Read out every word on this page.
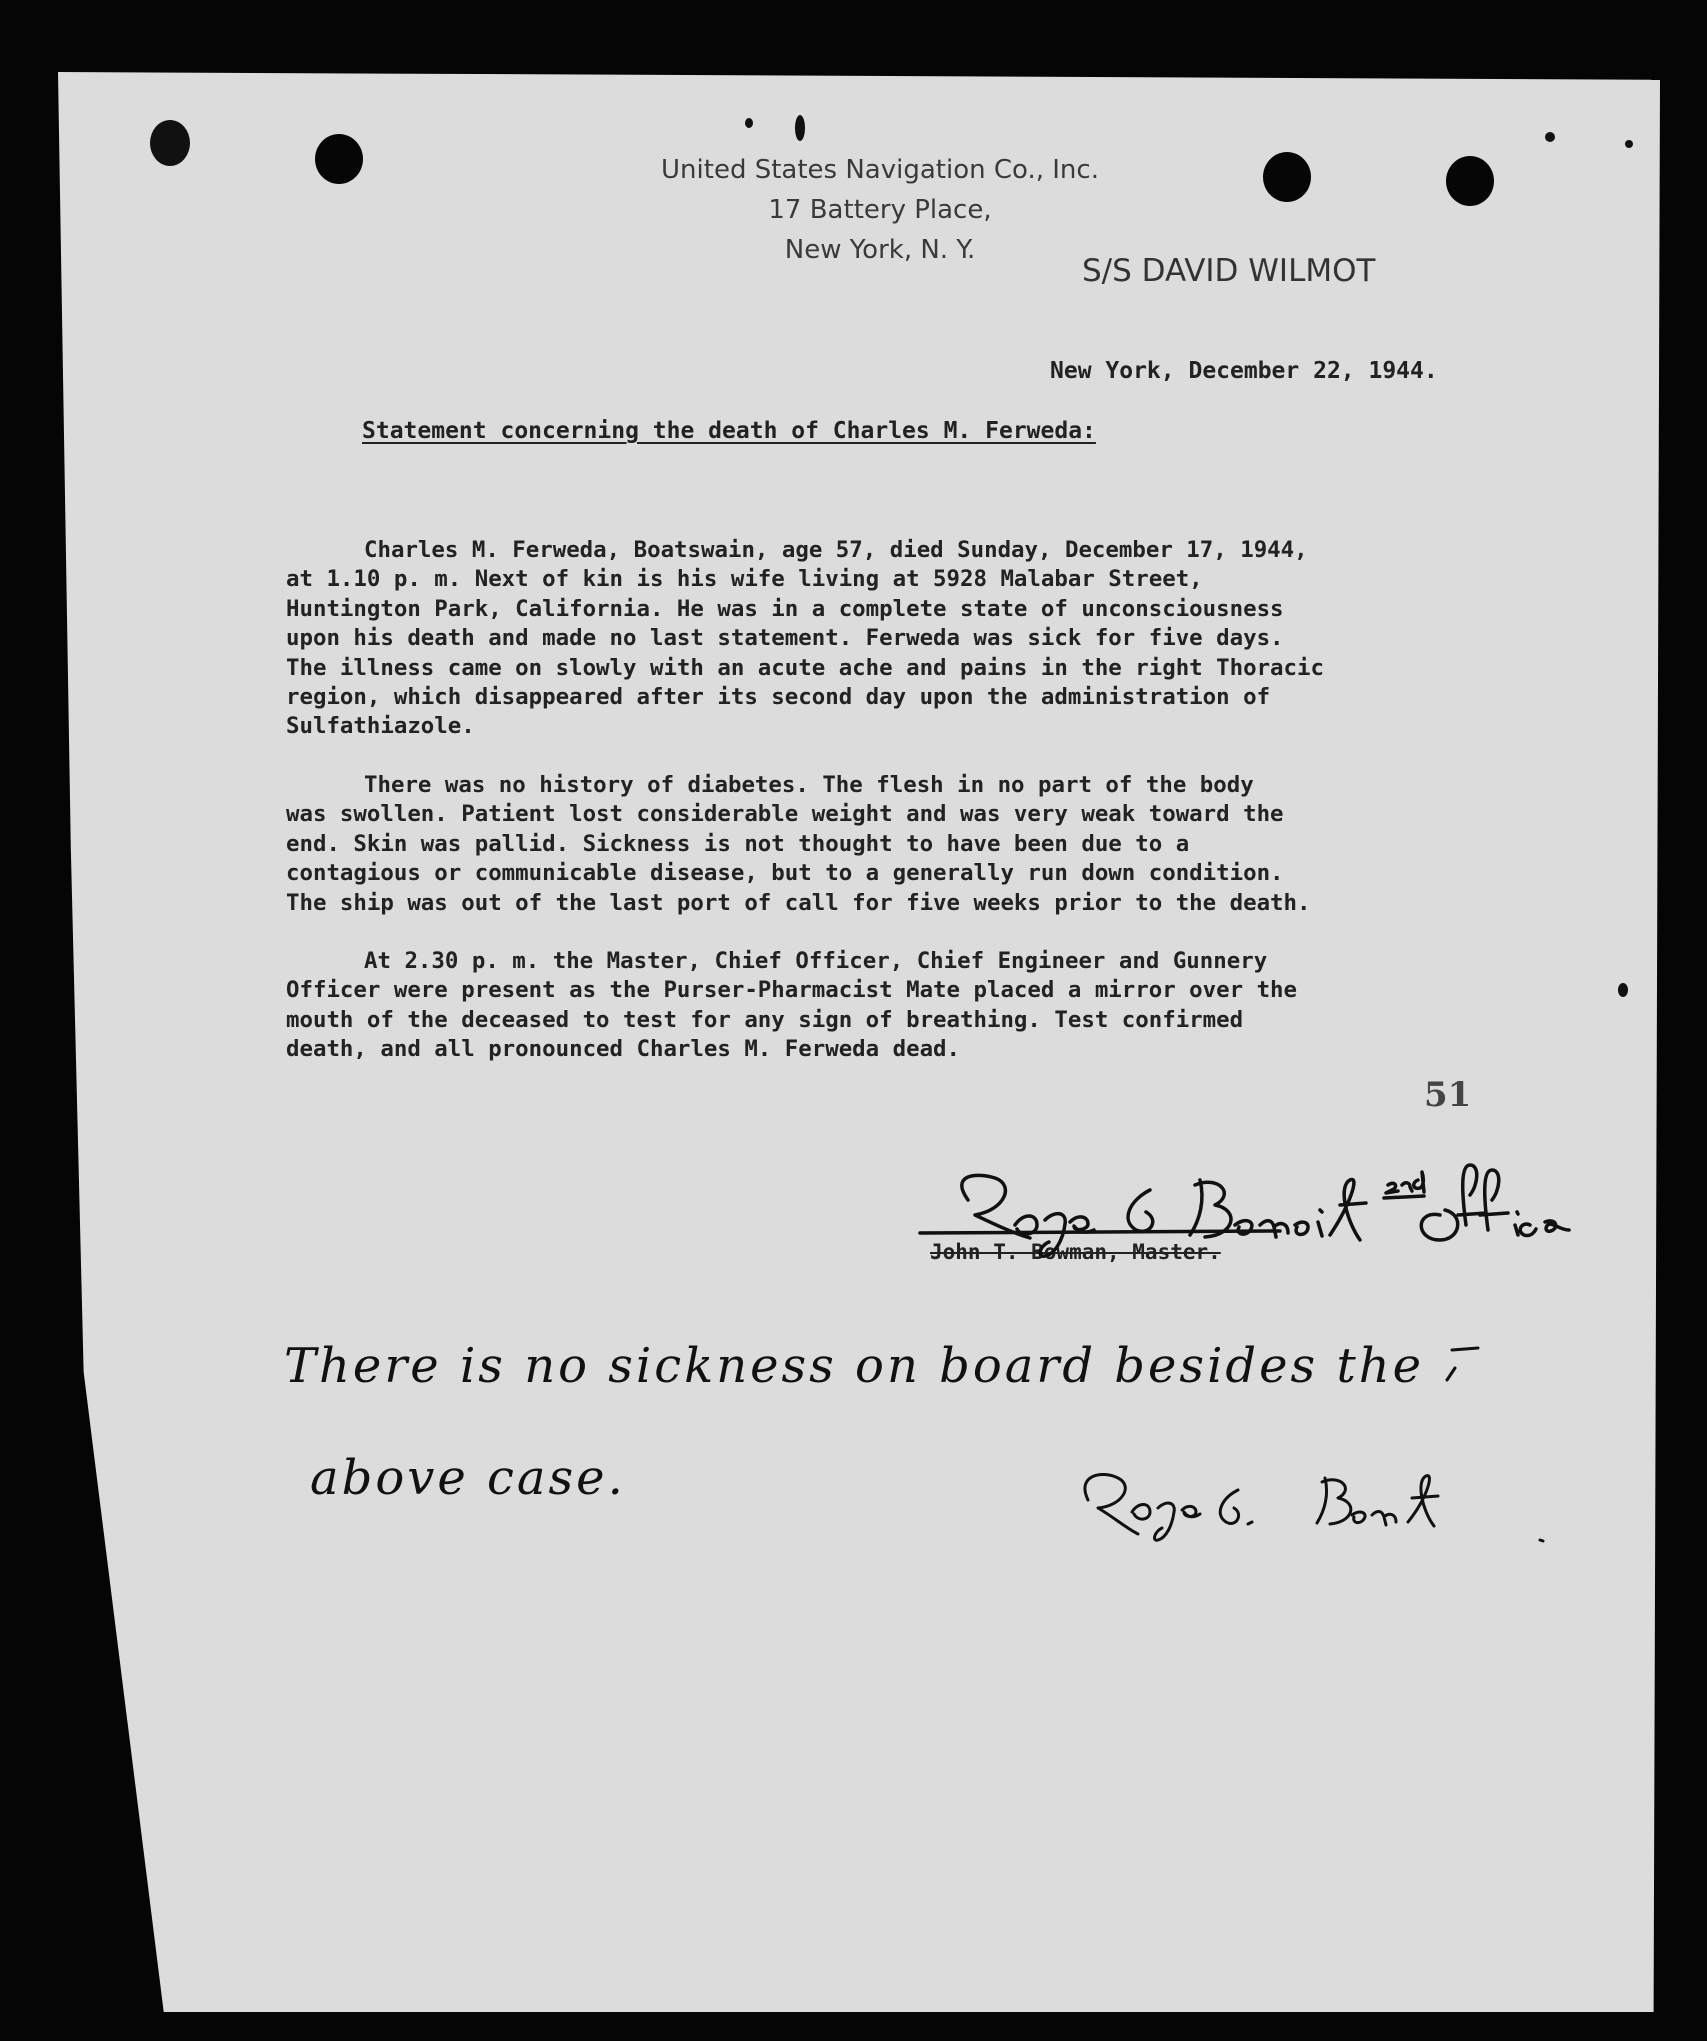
United States Navigation Co., Inc.
17 Battery Place,
New York, N. Y.
S/S DAVID WILMOT
New York, December 22, 1944.
Statement concerning the death of Charles M. Ferweda:
Charles M. Ferweda, Boatswain, age 57, died Sunday, December 17, 1944,
at 1.10 p. m. Next of kin is his wife living at 5928 Malabar Street,
Huntington Park, California. He was in a complete state of unconsciousness
upon his death and made no last statement. Ferweda was sick for five days.
The illness came on slowly with an acute ache and pains in the right Thoracic
region, which disappeared after its second day upon the administration of
Sulfathiazole.
There was no history of diabetes. The flesh in no part of the body
was swollen. Patient lost considerable weight and was very weak toward the
end. Skin was pallid. Sickness is not thought to have been due to a
contagious or communicable disease, but to a generally run down condition.
The ship was out of the last port of call for five weeks prior to the death.
At 2.30 p. m. the Master, Chief Officer, Chief Engineer and Gunnery
Officer were present as the Purser-Pharmacist Mate placed a mirror over the
mouth of the deceased to test for any sign of breathing. Test confirmed
death, and all pronounced Charles M. Ferweda dead.
51
John T. Bowman, Master.
There is no sickness on board besides the
above case.
